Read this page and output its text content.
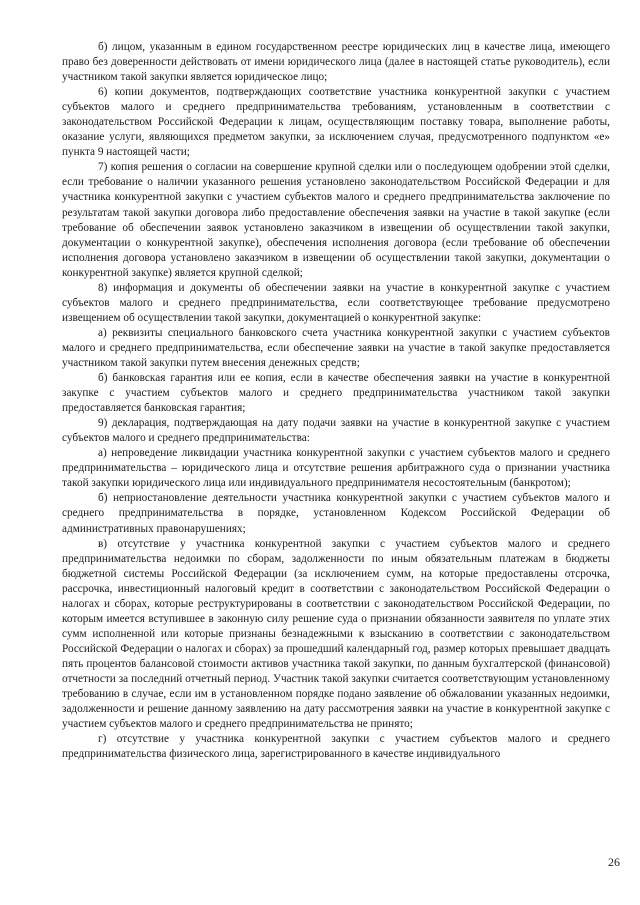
б) лицом, указанным в едином государственном реестре юридических лиц в качестве лица, имеющего право без доверенности действовать от имени юридического лица (далее в настоящей статье руководитель), если участником такой закупки является юридическое лицо;

6) копии документов, подтверждающих соответствие участника конкурентной закупки с участием субъектов малого и среднего предпринимательства требованиям, установленным в соответствии с законодательством Российской Федерации к лицам, осуществляющим поставку товара, выполнение работы, оказание услуги, являющихся предметом закупки, за исключением случая, предусмотренного подпунктом «е» пункта 9 настоящей части;

7) копия решения о согласии на совершение крупной сделки или о последующем одобрении этой сделки, если требование о наличии указанного решения установлено законодательством Российской Федерации и для участника конкурентной закупки с участием субъектов малого и среднего предпринимательства заключение по результатам такой закупки договора либо предоставление обеспечения заявки на участие в такой закупке (если требование об обеспечении заявок установлено заказчиком в извещении об осуществлении такой закупки, документации о конкурентной закупке), обеспечения исполнения договора (если требование об обеспечении исполнения договора установлено заказчиком в извещении об осуществлении такой закупки, документации о конкурентной закупке) является крупной сделкой;

8) информация и документы об обеспечении заявки на участие в конкурентной закупке с участием субъектов малого и среднего предпринимательства, если соответствующее требование предусмотрено извещением об осуществлении такой закупки, документацией о конкурентной закупке:

а) реквизиты специального банковского счета участника конкурентной закупки с участием субъектов малого и среднего предпринимательства, если обеспечение заявки на участие в такой закупке предоставляется участником такой закупки путем внесения денежных средств;

б) банковская гарантия или ее копия, если в качестве обеспечения заявки на участие в конкурентной закупке с участием субъектов малого и среднего предпринимательства участником такой закупки предоставляется банковская гарантия;

9) декларация, подтверждающая на дату подачи заявки на участие в конкурентной закупке с участием субъектов малого и среднего предпринимательства:

а) непроведение ликвидации участника конкурентной закупки с участием субъектов малого и среднего предпринимательства – юридического лица и отсутствие решения арбитражного суда о признании участника такой закупки юридического лица или индивидуального предпринимателя несостоятельным (банкротом);

б) неприостановление деятельности участника конкурентной закупки с участием субъектов малого и среднего предпринимательства в порядке, установленном Кодексом Российской Федерации об административных правонарушениях;

в) отсутствие у участника конкурентной закупки с участием субъектов малого и среднего предпринимательства недоимки по сборам, задолженности по иным обязательным платежам в бюджеты бюджетной системы Российской Федерации (за исключением сумм, на которые предоставлены отсрочка, рассрочка, инвестиционный налоговый кредит в соответствии с законодательством Российской Федерации о налогах и сборах, которые реструктурированы в соответствии с законодательством Российской Федерации, по которым имеется вступившее в законную силу решение суда о признании обязанности заявителя по уплате этих сумм исполненной или которые признаны безнадежными к взысканию в соответствии с законодательством Российской Федерации о налогах и сборах) за прошедший календарный год, размер которых превышает двадцать пять процентов балансовой стоимости активов участника такой закупки, по данным бухгалтерской (финансовой) отчетности за последний отчетный период. Участник такой закупки считается соответствующим установленному требованию в случае, если им в установленном порядке подано заявление об обжаловании указанных недоимки, задолженности и решение данному заявлению на дату рассмотрения заявки на участие в конкурентной закупке с участием субъектов малого и среднего предпринимательства не принято;

г) отсутствие у участника конкурентной закупки с участием субъектов малого и среднего предпринимательства физического лица, зарегистрированного в качестве индивидуального

26
